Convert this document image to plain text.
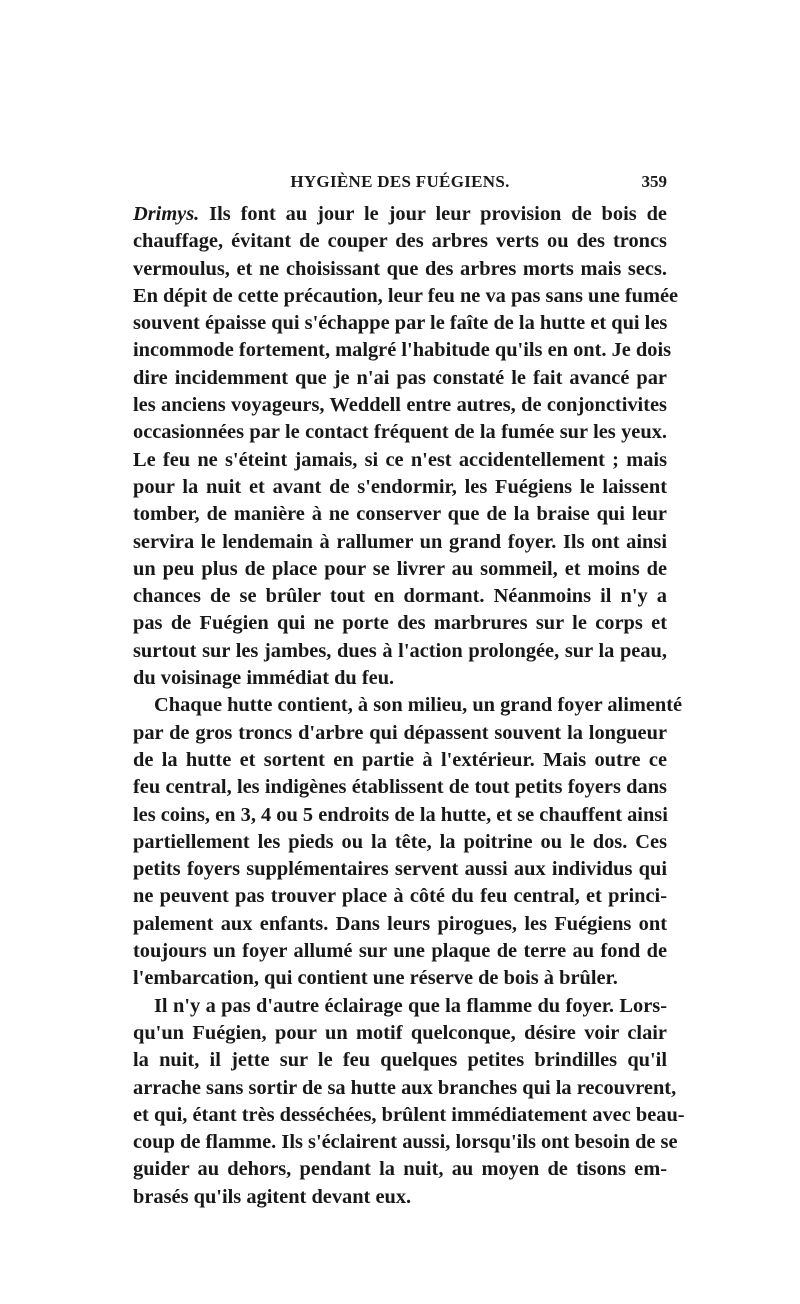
HYGIÈNE DES FUÉGIENS.	359
Drimys. Ils font au jour le jour leur provision de bois de
chauffage, évitant de couper des arbres verts ou des troncs
vermoulus, et ne choisissant que des arbres morts mais secs.
En dépit de cette précaution, leur feu ne va pas sans une fumée
souvent épaisse qui s'échappe par le faîte de la hutte et qui les
incommode fortement, malgré l'habitude qu'ils en ont. Je dois
dire incidemment que je n'ai pas constaté le fait avancé par
les anciens voyageurs, Weddell entre autres, de conjonctivites
occasionnées par le contact fréquent de la fumée sur les yeux.
Le feu ne s'éteint jamais, si ce n'est accidentellement ; mais
pour la nuit et avant de s'endormir, les Fuégiens le laissent
tomber, de manière à ne conserver que de la braise qui leur
servira le lendemain à rallumer un grand foyer. Ils ont ainsi
un peu plus de place pour se livrer au sommeil, et moins de
chances de se brûler tout en dormant. Néanmoins il n'y a
pas de Fuégien qui ne porte des marbrures sur le corps et
surtout sur les jambes, dues à l'action prolongée, sur la peau,
du voisinage immédiat du feu.
Chaque hutte contient, à son milieu, un grand foyer alimenté
par de gros troncs d'arbre qui dépassent souvent la longueur
de la hutte et sortent en partie à l'extérieur. Mais outre ce
feu central, les indigènes établissent de tout petits foyers dans
les coins, en 3, 4 ou 5 endroits de la hutte, et se chauffent ainsi
partiellement les pieds ou la tête, la poitrine ou le dos. Ces
petits foyers supplémentaires servent aussi aux individus qui
ne peuvent pas trouver place à côté du feu central, et princi-
palement aux enfants. Dans leurs pirogues, les Fuégiens ont
toujours un foyer allumé sur une plaque de terre au fond de
l'embarcation, qui contient une réserve de bois à brûler.
Il n'y a pas d'autre éclairage que la flamme du foyer. Lors-
qu'un Fuégien, pour un motif quelconque, désire voir clair
la nuit, il jette sur le feu quelques petites brindilles qu'il
arrache sans sortir de sa hutte aux branches qui la recouvrent,
et qui, étant très desséchées, brûlent immédiatement avec beau-
coup de flamme. Ils s'éclairent aussi, lorsqu'ils ont besoin de se
guider au dehors, pendant la nuit, au moyen de tisons em-
brasés qu'ils agitent devant eux.
